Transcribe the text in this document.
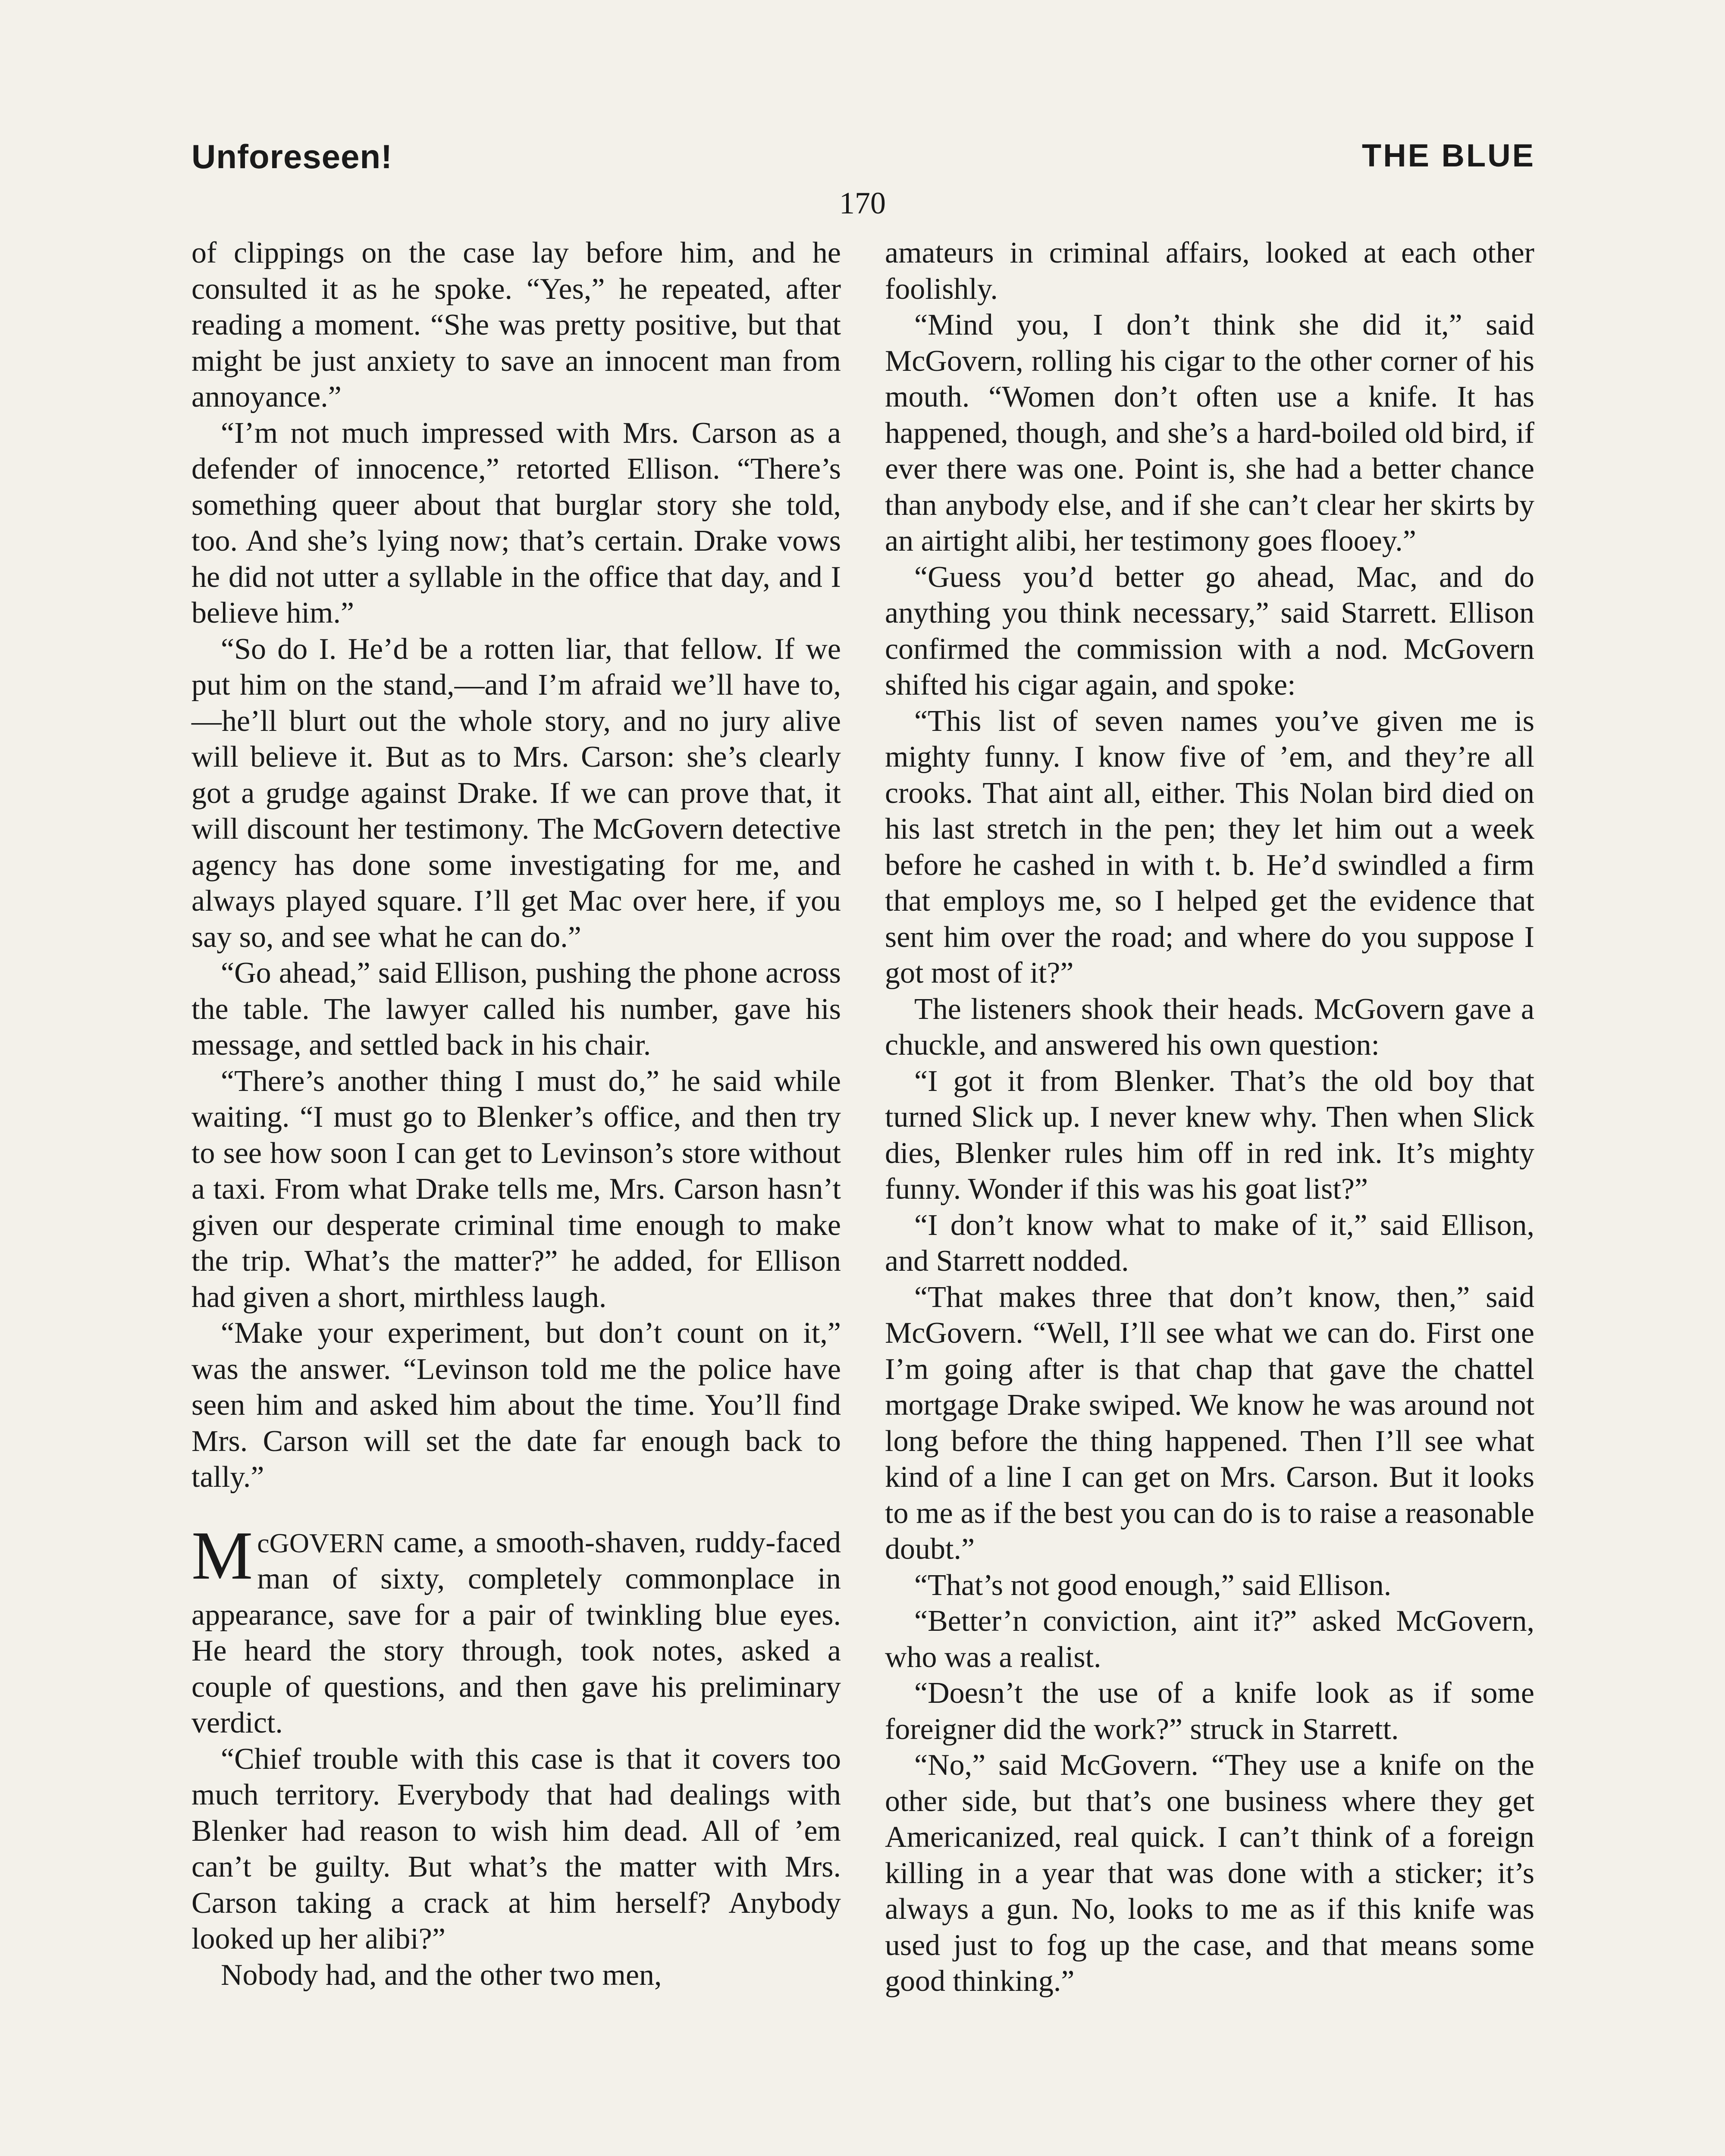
Unforeseen!	THE BLUE
170

of clippings on the case lay before him, and he consulted it as he spoke. “Yes,” he repeated, after reading a moment. “She was pretty positive, but that might be just anxiety to save an innocent man from annoyance.”

“I’m not much impressed with Mrs. Carson as a defender of innocence,” retorted Ellison. “There’s something queer about that burglar story she told, too. And she’s lying now; that’s certain. Drake vows he did not utter a syllable in the office that day, and I believe him.”

“So do I. He’d be a rotten liar, that fellow. If we put him on the stand,—and I’m afraid we’ll have to,—he’ll blurt out the whole story, and no jury alive will believe it. But as to Mrs. Carson: she’s clearly got a grudge against Drake. If we can prove that, it will discount her testimony. The McGovern detective agency has done some investigating for me, and always played square. I’ll get Mac over here, if you say so, and see what he can do.”

“Go ahead,” said Ellison, pushing the phone across the table. The lawyer called his number, gave his message, and settled back in his chair.

“There’s another thing I must do,” he said while waiting. “I must go to Blenker’s office, and then try to see how soon I can get to Levinson’s store without a taxi. From what Drake tells me, Mrs. Carson hasn’t given our desperate criminal time enough to make the trip. What’s the matter?” he added, for Ellison had given a short, mirthless laugh.

“Make your experiment, but don’t count on it,” was the answer. “Levinson told me the police have seen him and asked him about the time. You’ll find Mrs. Carson will set the date far enough back to tally.”

McGOVERN came, a smooth-shaven, ruddy-faced man of sixty, completely commonplace in appearance, save for a pair of twinkling blue eyes. He heard the story through, took notes, asked a couple of questions, and then gave his preliminary verdict.

“Chief trouble with this case is that it covers too much territory. Everybody that had dealings with Blenker had reason to wish him dead. All of ’em can’t be guilty. But what’s the matter with Mrs. Carson taking a crack at him herself? Anybody looked up her alibi?”

Nobody had, and the other two men,

amateurs in criminal affairs, looked at each other foolishly.

“Mind you, I don’t think she did it,” said McGovern, rolling his cigar to the other corner of his mouth. “Women don’t often use a knife. It has happened, though, and she’s a hard-boiled old bird, if ever there was one. Point is, she had a better chance than anybody else, and if she can’t clear her skirts by an airtight alibi, her testimony goes flooey.”

“Guess you’d better go ahead, Mac, and do anything you think necessary,” said Starrett. Ellison confirmed the commission with a nod. McGovern shifted his cigar again, and spoke:

“This list of seven names you’ve given me is mighty funny. I know five of ’em, and they’re all crooks. That aint all, either. This Nolan bird died on his last stretch in the pen; they let him out a week before he cashed in with t. b. He’d swindled a firm that employs me, so I helped get the evidence that sent him over the road; and where do you suppose I got most of it?”

The listeners shook their heads. McGovern gave a chuckle, and answered his own question:

“I got it from Blenker. That’s the old boy that turned Slick up. I never knew why. Then when Slick dies, Blenker rules him off in red ink. It’s mighty funny. Wonder if this was his goat list?”

“I don’t know what to make of it,” said Ellison, and Starrett nodded.

“That makes three that don’t know, then,” said McGovern. “Well, I’ll see what we can do. First one I’m going after is that chap that gave the chattel mortgage Drake swiped. We know he was around not long before the thing happened. Then I’ll see what kind of a line I can get on Mrs. Carson. But it looks to me as if the best you can do is to raise a reasonable doubt.”

“That’s not good enough,” said Ellison.

“Better’n conviction, aint it?” asked McGovern, who was a realist.

“Doesn’t the use of a knife look as if some foreigner did the work?” struck in Starrett.

“No,” said McGovern. “They use a knife on the other side, but that’s one business where they get Americanized, real quick. I can’t think of a foreign killing in a year that was done with a sticker; it’s always a gun. No, looks to me as if this knife was used just to fog up the case, and that means some good thinking.”
